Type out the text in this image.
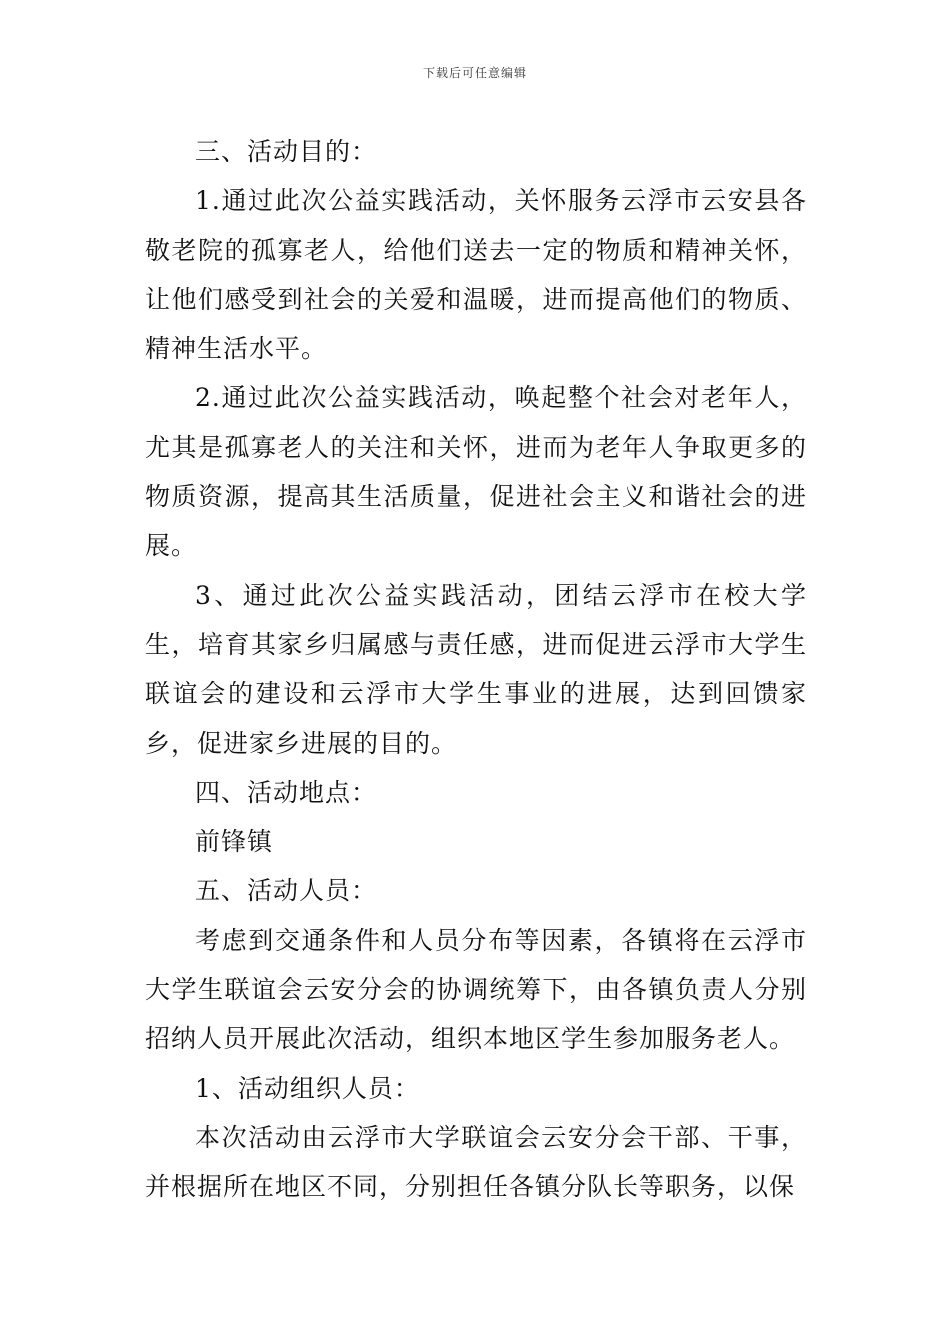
下载后可任意编辑

三、活动目的：

1.通过此次公益实践活动，关怀服务云浮市云安县各敬老院的孤寡老人，给他们送去一定的物质和精神关怀，让他们感受到社会的关爱和温暖，进而提高他们的物质、精神生活水平。

2.通过此次公益实践活动，唤起整个社会对老年人，尤其是孤寡老人的关注和关怀，进而为老年人争取更多的物质资源，提高其生活质量，促进社会主义和谐社会的进展。

3、通过此次公益实践活动，团结云浮市在校大学生，培育其家乡归属感与责任感，进而促进云浮市大学生联谊会的建设和云浮市大学生事业的进展，达到回馈家乡，促进家乡进展的目的。

四、活动地点：

前锋镇

五、活动人员：

考虑到交通条件和人员分布等因素，各镇将在云浮市大学生联谊会云安分会的协调统筹下，由各镇负责人分别招纳人员开展此次活动，组织本地区学生参加服务老人。

1、活动组织人员：

本次活动由云浮市大学联谊会云安分会干部、干事，并根据所在地区不同，分别担任各镇分队长等职务，以保
